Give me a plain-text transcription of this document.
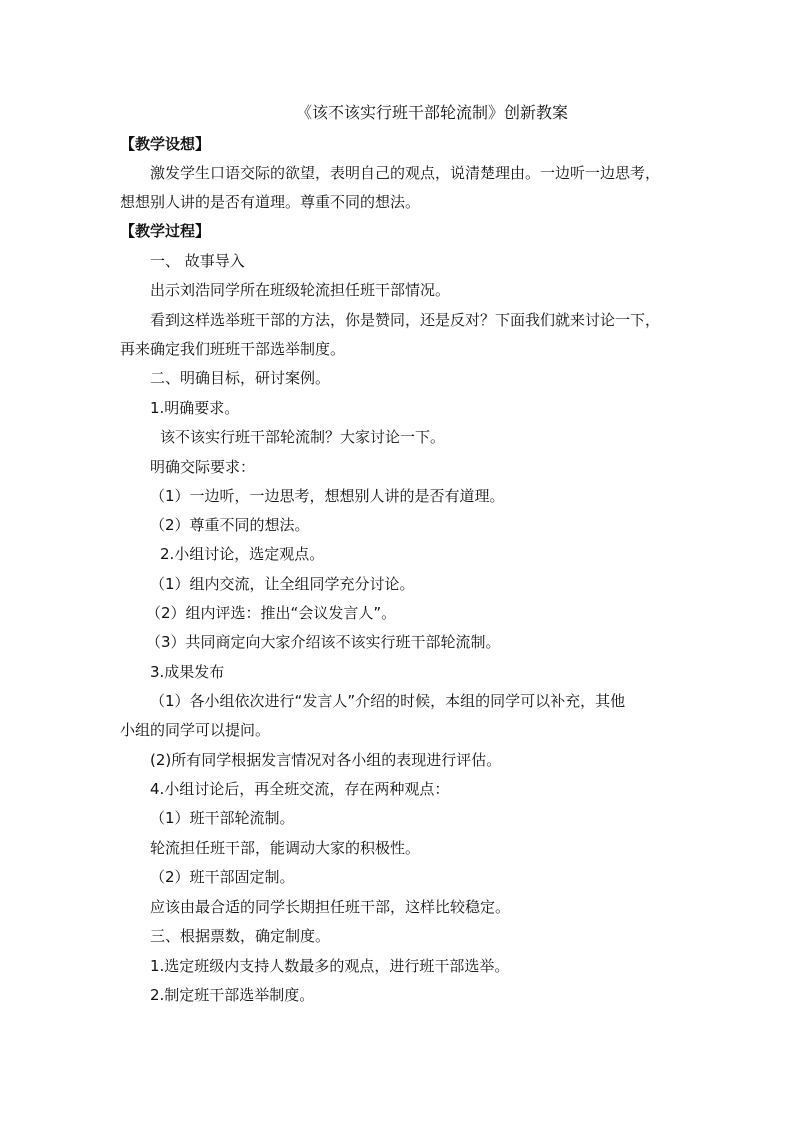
《该不该实行班干部轮流制》创新教案
【教学设想】
激发学生口语交际的欲望，表明自己的观点，说清楚理由。一边听一边思考，
想想别人讲的是否有道理。尊重不同的想法。
【教学过程】
一、 故事导入
出示刘浩同学所在班级轮流担任班干部情况。
看到这样选举班干部的方法，你是赞同，还是反对？下面我们就来讨论一下，
再来确定我们班班干部选举制度。
二、明确目标，研讨案例。
1.明确要求。
该不该实行班干部轮流制？大家讨论一下。
明确交际要求：
（1）一边听，一边思考，想想别人讲的是否有道理。
（2）尊重不同的想法。
2.小组讨论，选定观点。
（1）组内交流，让全组同学充分讨论。
（2）组内评选：推出“会议发言人”。
（3）共同商定向大家介绍该不该实行班干部轮流制。
3.成果发布
（1）各小组依次进行“发言人”介绍的时候，本组的同学可以补充，其他
小组的同学可以提问。
(2)所有同学根据发言情况对各小组的表现进行评估。
4.小组讨论后，再全班交流，存在两种观点：
（1）班干部轮流制。
轮流担任班干部，能调动大家的积极性。
（2）班干部固定制。
应该由最合适的同学长期担任班干部，这样比较稳定。
三、根据票数，确定制度。
1.选定班级内支持人数最多的观点，进行班干部选举。
2.制定班干部选举制度。
